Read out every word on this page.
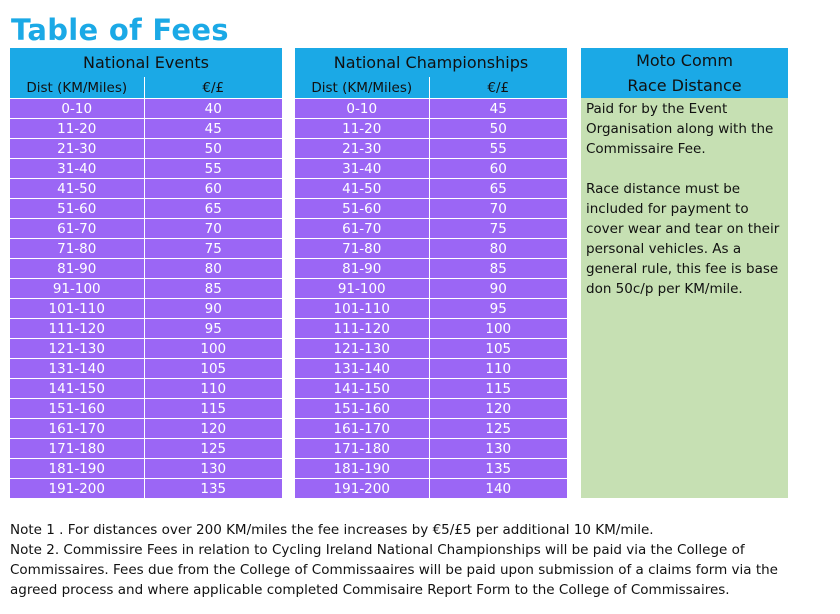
Table of Fees
National Events	
Dist (KM/Miles)	€/£
0-10	40
11-20	45
21-30	50
31-40	55
41-50	60
51-60	65
61-70	70
71-80	75
81-90	80
91-100	85
101-110	90
111-120	95
121-130	100
131-140	105
141-150	110
151-160	115
161-170	120
171-180	125
181-190	130
191-200	135
National Championships	
Dist (KM/Miles)	€/£
0-10	45
11-20	50
21-30	55
31-40	60
41-50	65
51-60	70
61-70	75
71-80	80
81-90	85
91-100	90
101-110	95
111-120	100
121-130	105
131-140	110
141-150	115
151-160	120
161-170	125
171-180	130
181-190	135
191-200	140
Moto Comm
Race Distance

Paid for by the Event Organisation along with the Commissaire Fee.

Race distance must be included for payment to cover wear and tear on their personal vehicles. As a general rule, this fee is base don 50c/p per KM/mile.

Note 1 . For distances over 200 KM/miles the fee increases by €5/£5 per additional 10 KM/mile.

Note 2. Commissire Fees in relation to Cycling Ireland National Championships will be paid via the College of Commissaires. Fees due from the College of Commissaaires will be paid upon submission of a claims form via the agreed process and where applicable completed Commisaire Report Form to the College of Commissaires.
